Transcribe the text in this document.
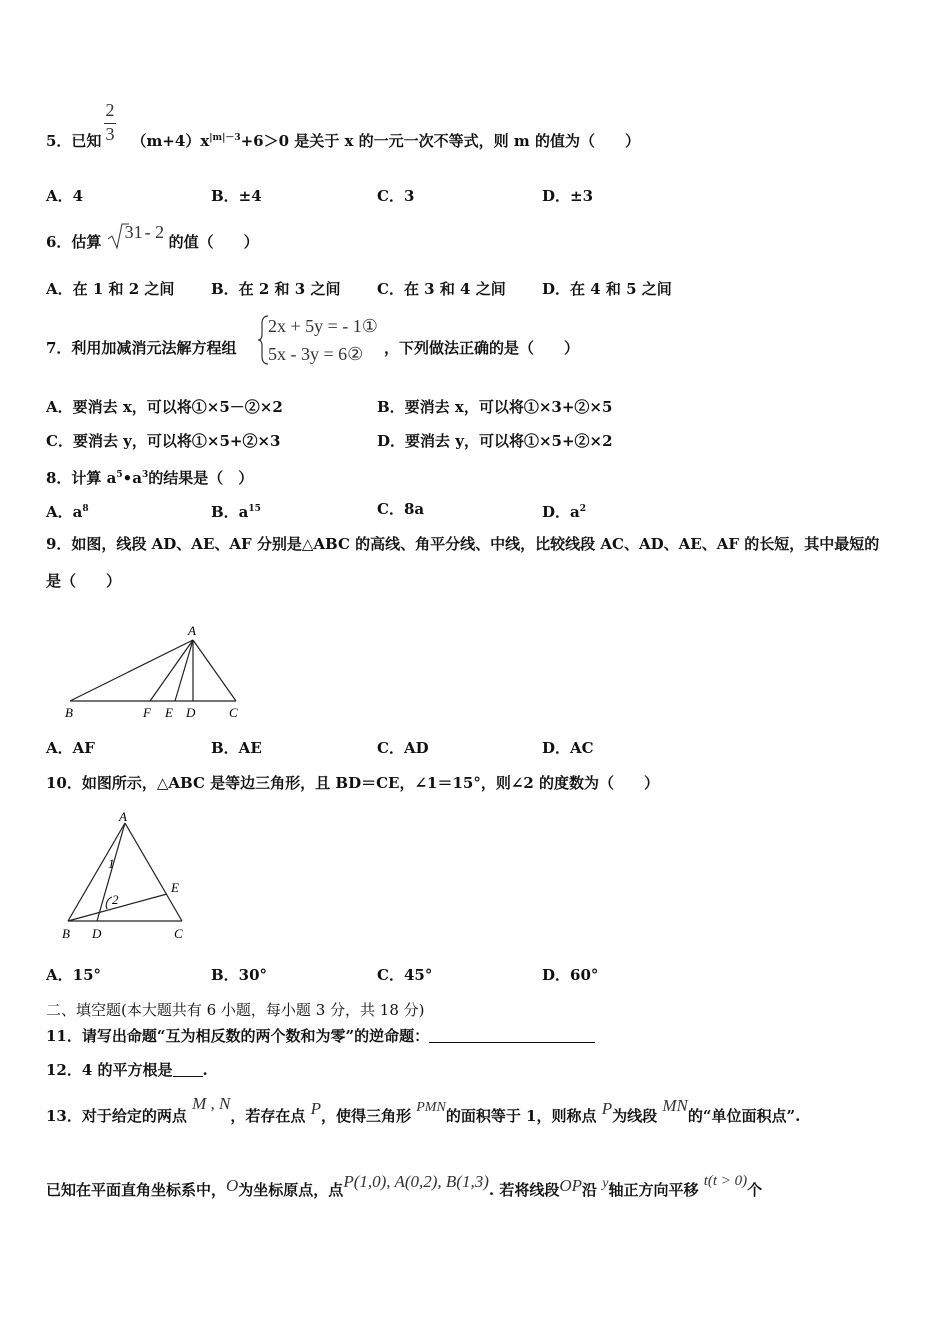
2
3
5．已知 $(m+4)x^{|m|-3}+6>0$ 是关于 x 的一元一次不等式，则 m 的值为（　　）
A．4	B．±4	C．3	D．±3
6．估算 31 - 2 的值（　　）
A．在 1 和 2 之间 B．在 2 和 3 之间 C．在 3 和 4 之间 D．在 4 和 5 之间
7．利用加减消元法解方程组
2x + 5y = - 1①
5x - 3y = 6② ，下列做法正确的是（　　）
A．要消去 x，可以将①×5－②×2	B．要消去 x，可以将①×3+②×5
C．要消去 y，可以将①×5+②×3	D．要消去 y，可以将①×5+②×2
8．计算 $a^5•a^3$的结果是（　）
A．$a^8$	B．$a^{15}$	C．8a	D．$a^2$
9．如图，线段 AD、AE、AF 分别是△ABC 的高线、角平分线、中线，比较线段 AC、AD、AE、AF 的长短，其中最短的
是（　　）
A
B	F E D	C
A．AF	B．AE	C．AD	D．AC
10．如图所示，△ABC 是等边三角形，且 BD＝CE，∠1＝15°，则∠2 的度数为（　　）
A
B D	C
E
1
2
A．15°	B．30°	C．45°	D．60°
二、填空题(本大题共有 6 小题，每小题 3 分，共 18 分)
11．请写出命题“互为相反数的两个数和为零”的逆命题：
12．4 的平方根是 .
13．对于给定的两点 M , N，若存在点 P，使得三角形 PMN的面积等于 1，则称点 P为线段 MN的“单位面积点”.
已知在平面直角坐标系中，O为坐标原点，点P(1,0), A(0,2), B(1,3). 若将线段OP沿 y轴正方向平移 t(t > 0)个
